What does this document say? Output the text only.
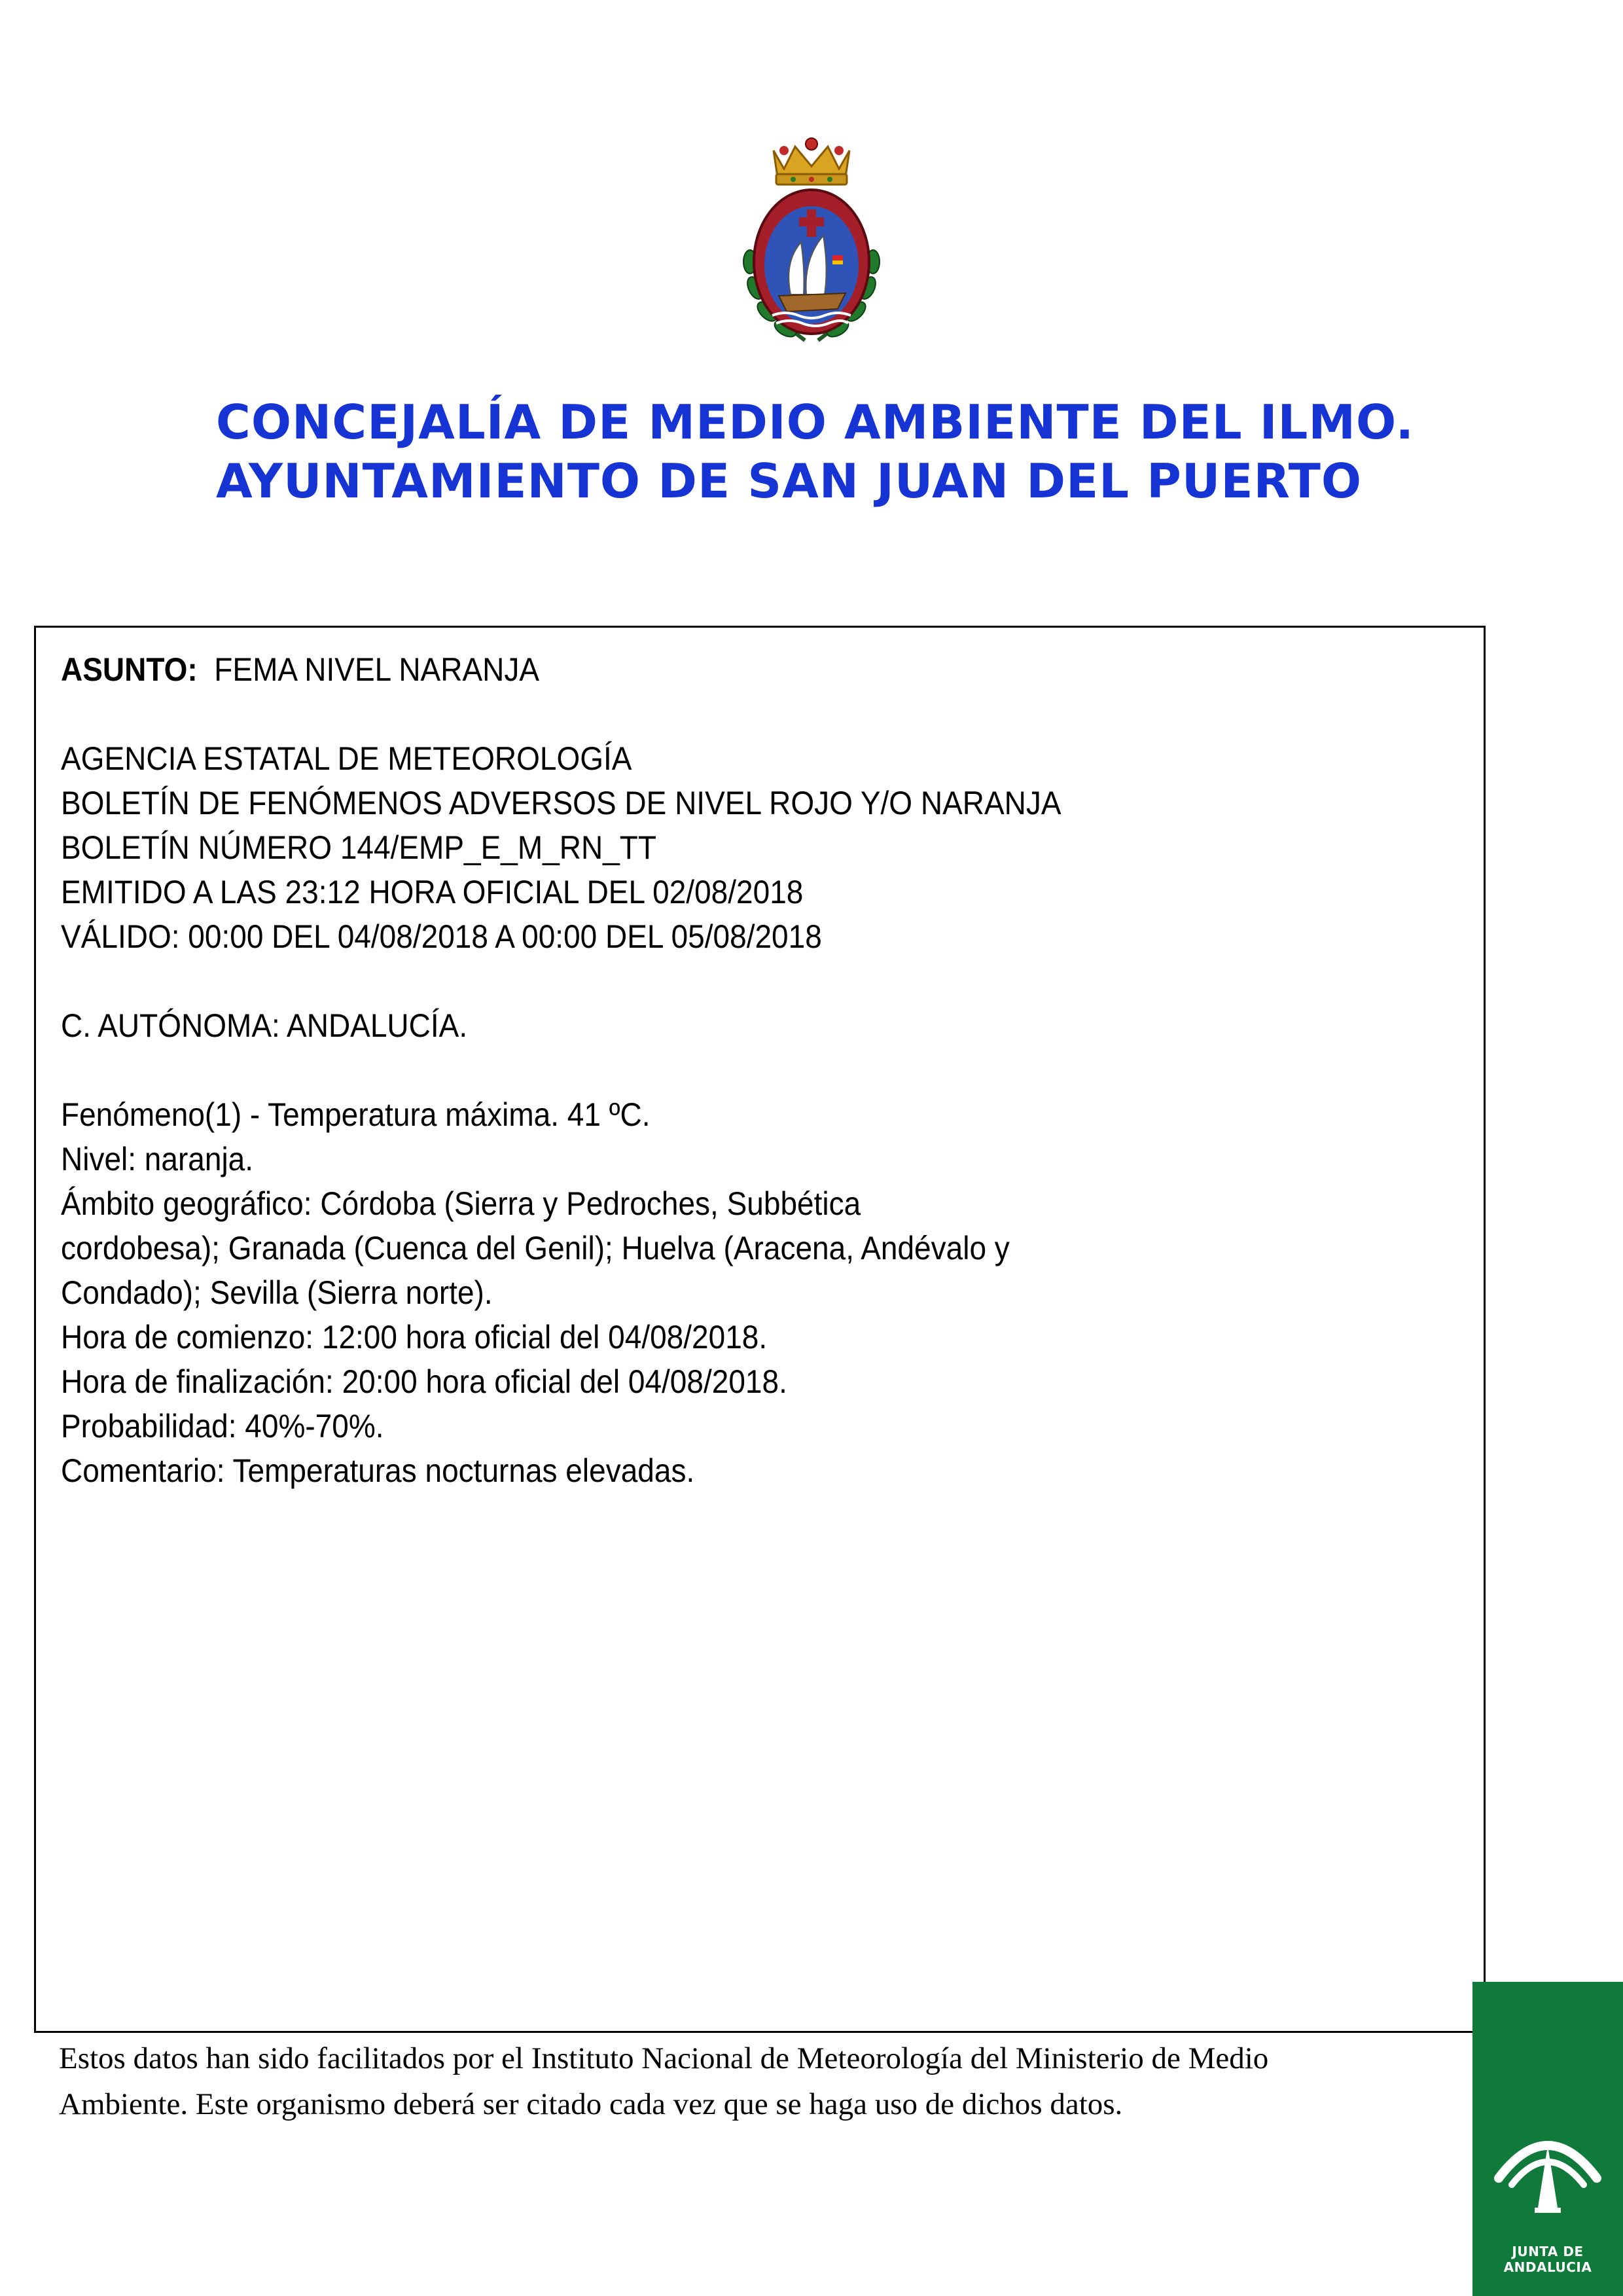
CONCEJALÍA DE MEDIO AMBIENTE DEL ILMO.
AYUNTAMIENTO DE SAN JUAN DEL PUERTO
ASUNTO: FEMA NIVEL NARANJA
AGENCIA ESTATAL DE METEOROLOGÍA
BOLETÍN DE FENÓMENOS ADVERSOS DE NIVEL ROJO Y/O NARANJA
BOLETÍN NÚMERO 144/EMP_E_M_RN_TT
EMITIDO A LAS 23:12 HORA OFICIAL DEL 02/08/2018
VÁLIDO: 00:00 DEL 04/08/2018 A 00:00 DEL 05/08/2018
C. AUTÓNOMA: ANDALUCÍA.
Fenómeno(1) - Temperatura máxima. 41 ºC.
Nivel: naranja.
Ámbito geográfico: Córdoba (Sierra y Pedroches, Subbética
cordobesa); Granada (Cuenca del Genil); Huelva (Aracena, Andévalo y
Condado); Sevilla (Sierra norte).
Hora de comienzo: 12:00 hora oficial del 04/08/2018.
Hora de finalización: 20:00 hora oficial del 04/08/2018.
Probabilidad: 40%-70%.
Comentario: Temperaturas nocturnas elevadas.
Estos datos han sido facilitados por el Instituto Nacional de Meteorología del Ministerio de Medio
Ambiente. Este organismo deberá ser citado cada vez que se haga uso de dichos datos.
JUNTA DE ANDALUCIA
